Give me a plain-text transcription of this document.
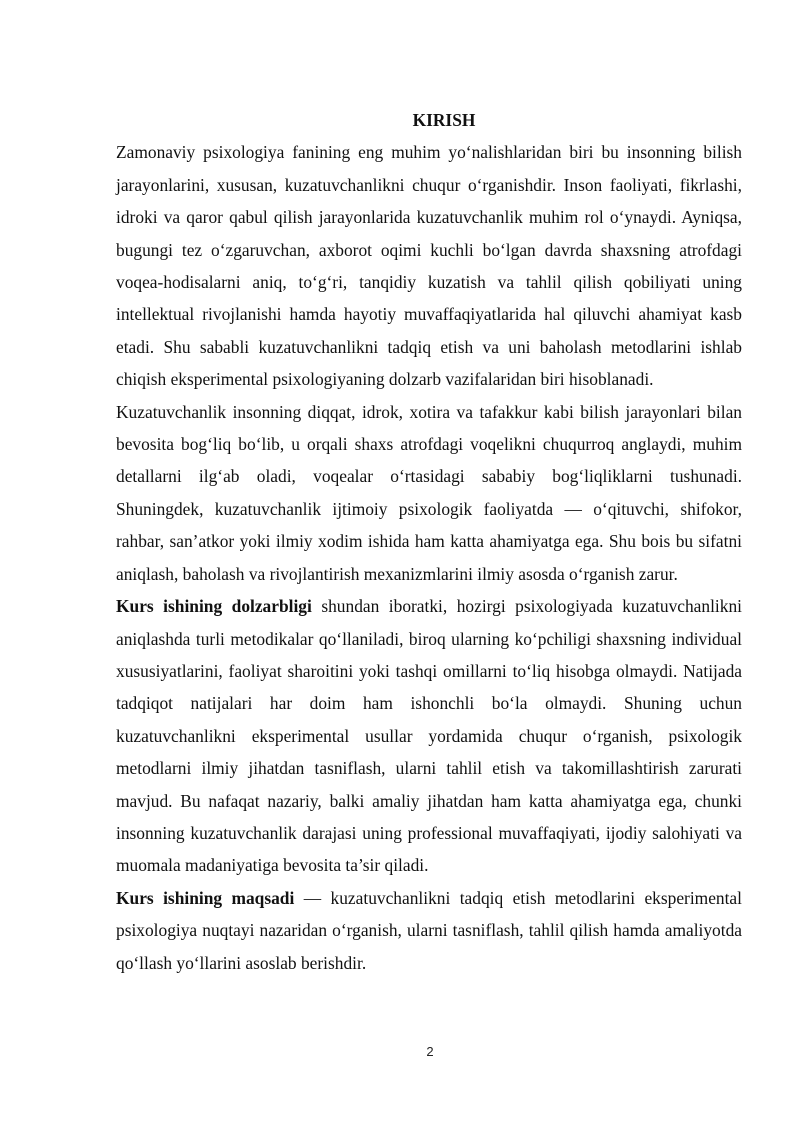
KIRISH

Zamonaviy psixologiya fanining eng muhim yo‘nalishlaridan biri bu insonning bilish jarayonlarini, xususan, kuzatuvchanlikni chuqur o‘rganishdir. Inson faoliyati, fikrlashi, idroki va qaror qabul qilish jarayonlarida kuzatuvchanlik muhim rol o‘ynaydi. Ayniqsa, bugungi tez o‘zgaruvchan, axborot oqimi kuchli bo‘lgan davrda shaxsning atrofdagi voqea-hodisalarni aniq, to‘g‘ri, tanqidiy kuzatish va tahlil qilish qobiliyati uning intellektual rivojlanishi hamda hayotiy muvaffaqiyatlarida hal qiluvchi ahamiyat kasb etadi. Shu sababli kuzatuvchanlikni tadqiq etish va uni baholash metodlarini ishlab chiqish eksperimental psixologiyaning dolzarb vazifalaridan biri hisoblanadi.

Kuzatuvchanlik insonning diqqat, idrok, xotira va tafakkur kabi bilish jarayonlari bilan bevosita bog‘liq bo‘lib, u orqali shaxs atrofdagi voqelikni chuqurroq anglaydi, muhim detallarni ilg‘ab oladi, voqealar o‘rtasidagi sababiy bog‘liqliklarni tushunadi. Shuningdek, kuzatuvchanlik ijtimoiy psixologik faoliyatda — o‘qituvchi, shifokor, rahbar, san’atkor yoki ilmiy xodim ishida ham katta ahamiyatga ega. Shu bois bu sifatni aniqlash, baholash va rivojlantirish mexanizmlarini ilmiy asosda o‘rganish zarur.

Kurs ishining dolzarbligi shundan iboratki, hozirgi psixologiyada kuzatuvchanlikni aniqlashda turli metodikalar qo‘llaniladi, biroq ularning ko‘pchiligi shaxsning individual xususiyatlarini, faoliyat sharoitini yoki tashqi omillarni to‘liq hisobga olmaydi. Natijada tadqiqot natijalari har doim ham ishonchli bo‘la olmaydi. Shuning uchun kuzatuvchanlikni eksperimental usullar yordamida chuqur o‘rganish, psixologik metodlarni ilmiy jihatdan tasniflash, ularni tahlil etish va takomillashtirish zarurati mavjud. Bu nafaqat nazariy, balki amaliy jihatdan ham katta ahamiyatga ega, chunki insonning kuzatuvchanlik darajasi uning professional muvaffaqiyati, ijodiy salohiyati va muomala madaniyatiga bevosita ta’sir qiladi.

Kurs ishining maqsadi — kuzatuvchanlikni tadqiq etish metodlarini eksperimental psixologiya nuqtayi nazaridan o‘rganish, ularni tasniflash, tahlil qilish hamda amaliyotda qo‘llash yo‘llarini asoslab berishdir.

2
